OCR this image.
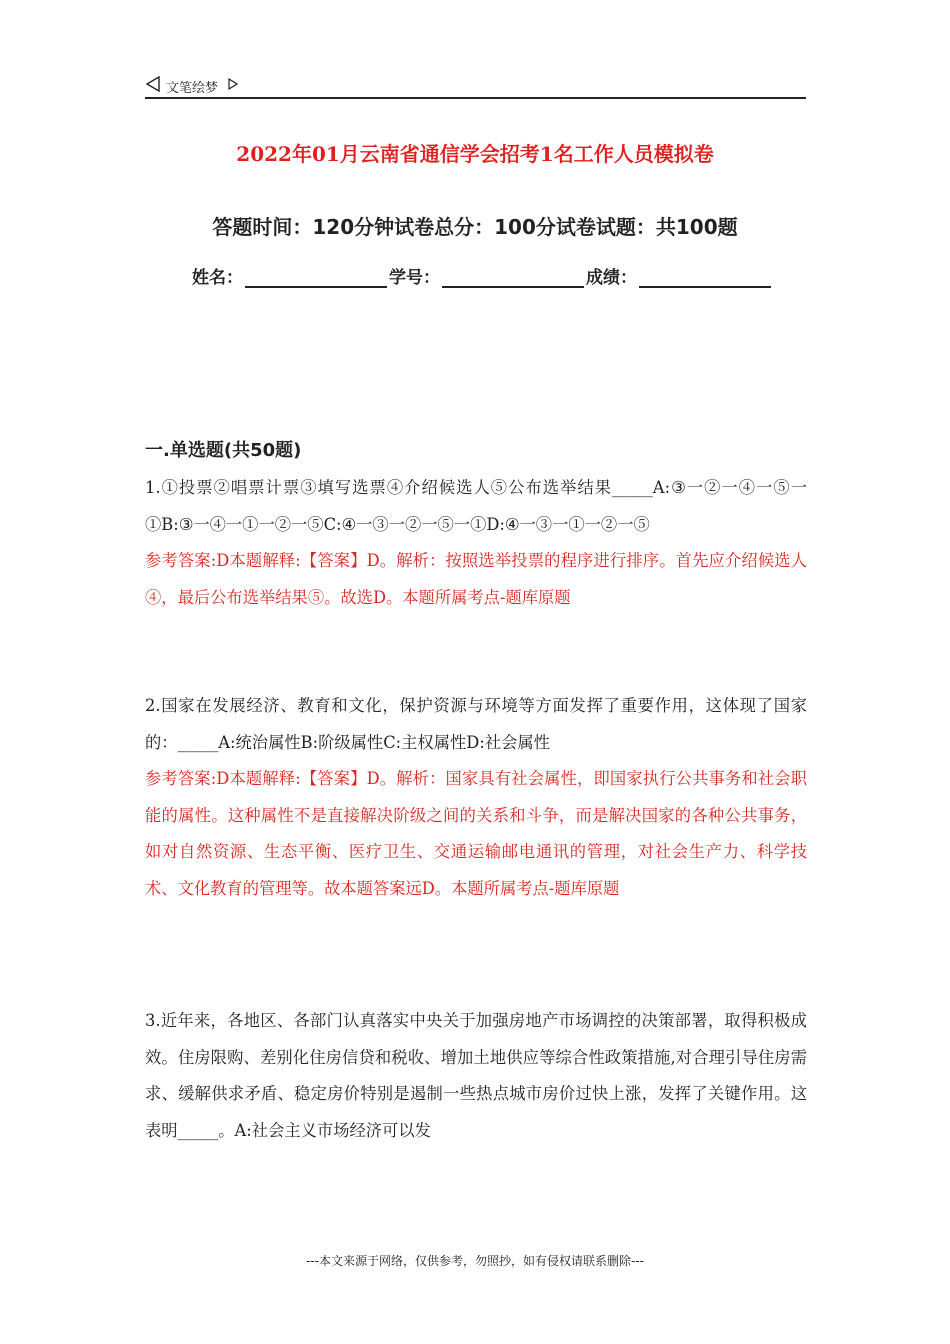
文笔绘梦
2022年01月云南省通信学会招考1名工作人员模拟卷
答题时间：120分钟试卷总分：100分试卷试题：共100题
姓名：	学号：	成绩：
一.单选题(共50题)
1.①投票②唱票计票③填写选票④介绍候选人⑤公布选举结果_____A:③一②一④一⑤一①B:③一④一①一②一⑤C:④一③一②一⑤一①D:④一③一①一②一⑤
参考答案:D本题解释:【答案】D。解析：按照选举投票的程序进行排序。首先应介绍候选人④，最后公布选举结果⑤。故选D。本题所属考点-题库原题
2.国家在发展经济、教育和文化，保护资源与环境等方面发挥了重要作用，这体现了国家的：_____A:统治属性B:阶级属性C:主权属性D:社会属性
参考答案:D本题解释:【答案】D。解析：国家具有社会属性，即国家执行公共事务和社会职能的属性。这种属性不是直接解决阶级之间的关系和斗争，而是解决国家的各种公共事务，如对自然资源、生态平衡、医疗卫生、交通运输邮电通讯的管理，对社会生产力、科学技术、文化教育的管理等。故本题答案远D。本题所属考点-题库原题
3.近年来，各地区、各部门认真落实中央关于加强房地产市场调控的决策部署，取得积极成效。住房限购、差别化住房信贷和税收、增加土地供应等综合性政策措施,对合理引导住房需求、缓解供求矛盾、稳定房价特别是遏制一些热点城市房价过快上涨，发挥了关键作用。这表明_____。A:社会主义市场经济可以发
---本文来源于网络，仅供参考，勿照抄，如有侵权请联系删除---
